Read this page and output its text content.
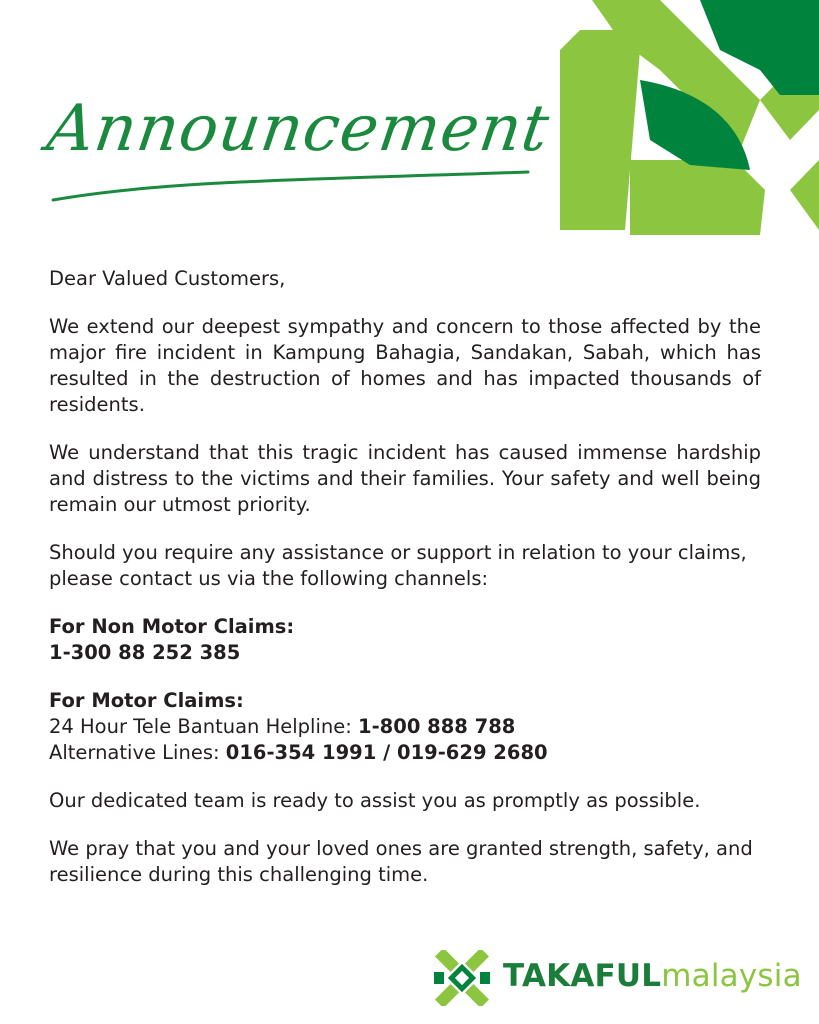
Announcement

Dear Valued Customers,

We extend our deepest sympathy and concern to those affected by the major fire incident in Kampung Bahagia, Sandakan, Sabah, which has resulted in the destruction of homes and has impacted thousands of residents.

We understand that this tragic incident has caused immense hardship and distress to the victims and their families. Your safety and well being remain our utmost priority.

Should you require any assistance or support in relation to your claims, please contact us via the following channels:

For Non Motor Claims:
1-300 88 252 385

For Motor Claims:
24 Hour Tele Bantuan Helpline: 1-800 888 788
Alternative Lines: 016-354 1991 / 019-629 2680

Our dedicated team is ready to assist you as promptly as possible.

We pray that you and your loved ones are granted strength, safety, and resilience during this challenging time.

TAKAFULmalaysia
